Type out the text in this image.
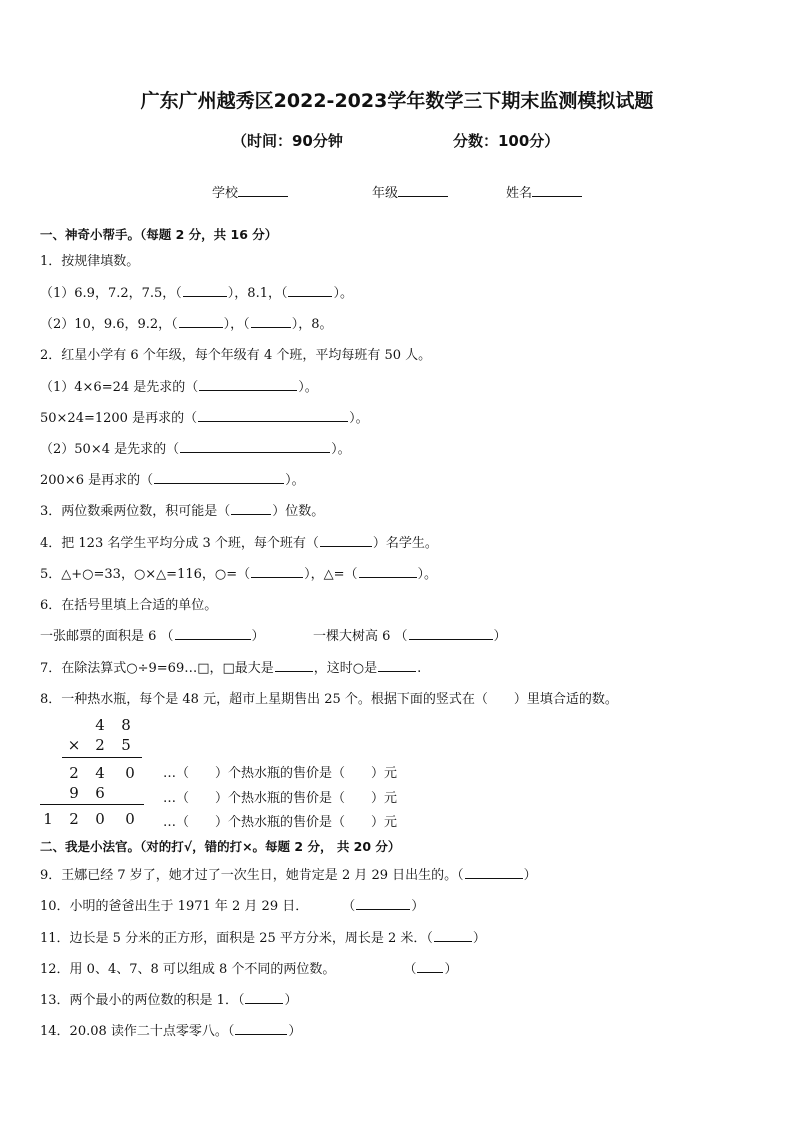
广东广州越秀区2022-2023学年数学三下期末监测模拟试题
（时间：90分钟	分数：100分）
学校	年级	姓名
一、神奇小帮手。（每题 2 分，共 16 分）
1．按规律填数。
（1）6.9，7.2，7.5，（	），8.1，（	）。
（2）10，9.6，9.2，（	），（	），8。
2．红星小学有 6 个年级，每个年级有 4 个班，平均每班有 50 人。
（1）4×6=24 是先求的（	）。
50×24=1200 是再求的（	）。
（2）50×4 是先求的（	）。
200×6 是再求的（	）。
3．两位数乘两位数，积可能是（	）位数。
4．把 123 名学生平均分成 3 个班，每个班有（	）名学生。
5．△+○=33，○×△=116，○=（	），△=（	）。
6．在括号里填上合适的单位。
一张邮票的面积是 6 （	）	一棵大树高 6 （	）
7．在除法算式○÷9=69…□，□最大是	，这时○是	.
8．一种热水瓶，每个是 48 元，超市上星期售出 25 个。根据下面的竖式在（　　）里填合适的数。
4	8
× 2	5
2	4	0
9	6
1	2	0	0
…（　　）个热水瓶的售价是（　　）元
…（　　）个热水瓶的售价是（　　）元
…（　　）个热水瓶的售价是（　　）元
二、我是小法官。（对的打√，错的打×。每题 2 分， 共 20 分）
9．王娜已经 7 岁了，她才过了一次生日，她肯定是 2 月 29 日出生的。（	）
10．小明的爸爸出生于 1971 年 2 月 29 日．	（	）
11．边长是 5 分米的正方形，面积是 25 平方分米，周长是 2 米．（	）
12．用 0、4、7、8 可以组成 8 个不同的两位数。	（ ）
13．两个最小的两位数的积是 1．（	）
14．20.08 读作二十点零零八。（	）
